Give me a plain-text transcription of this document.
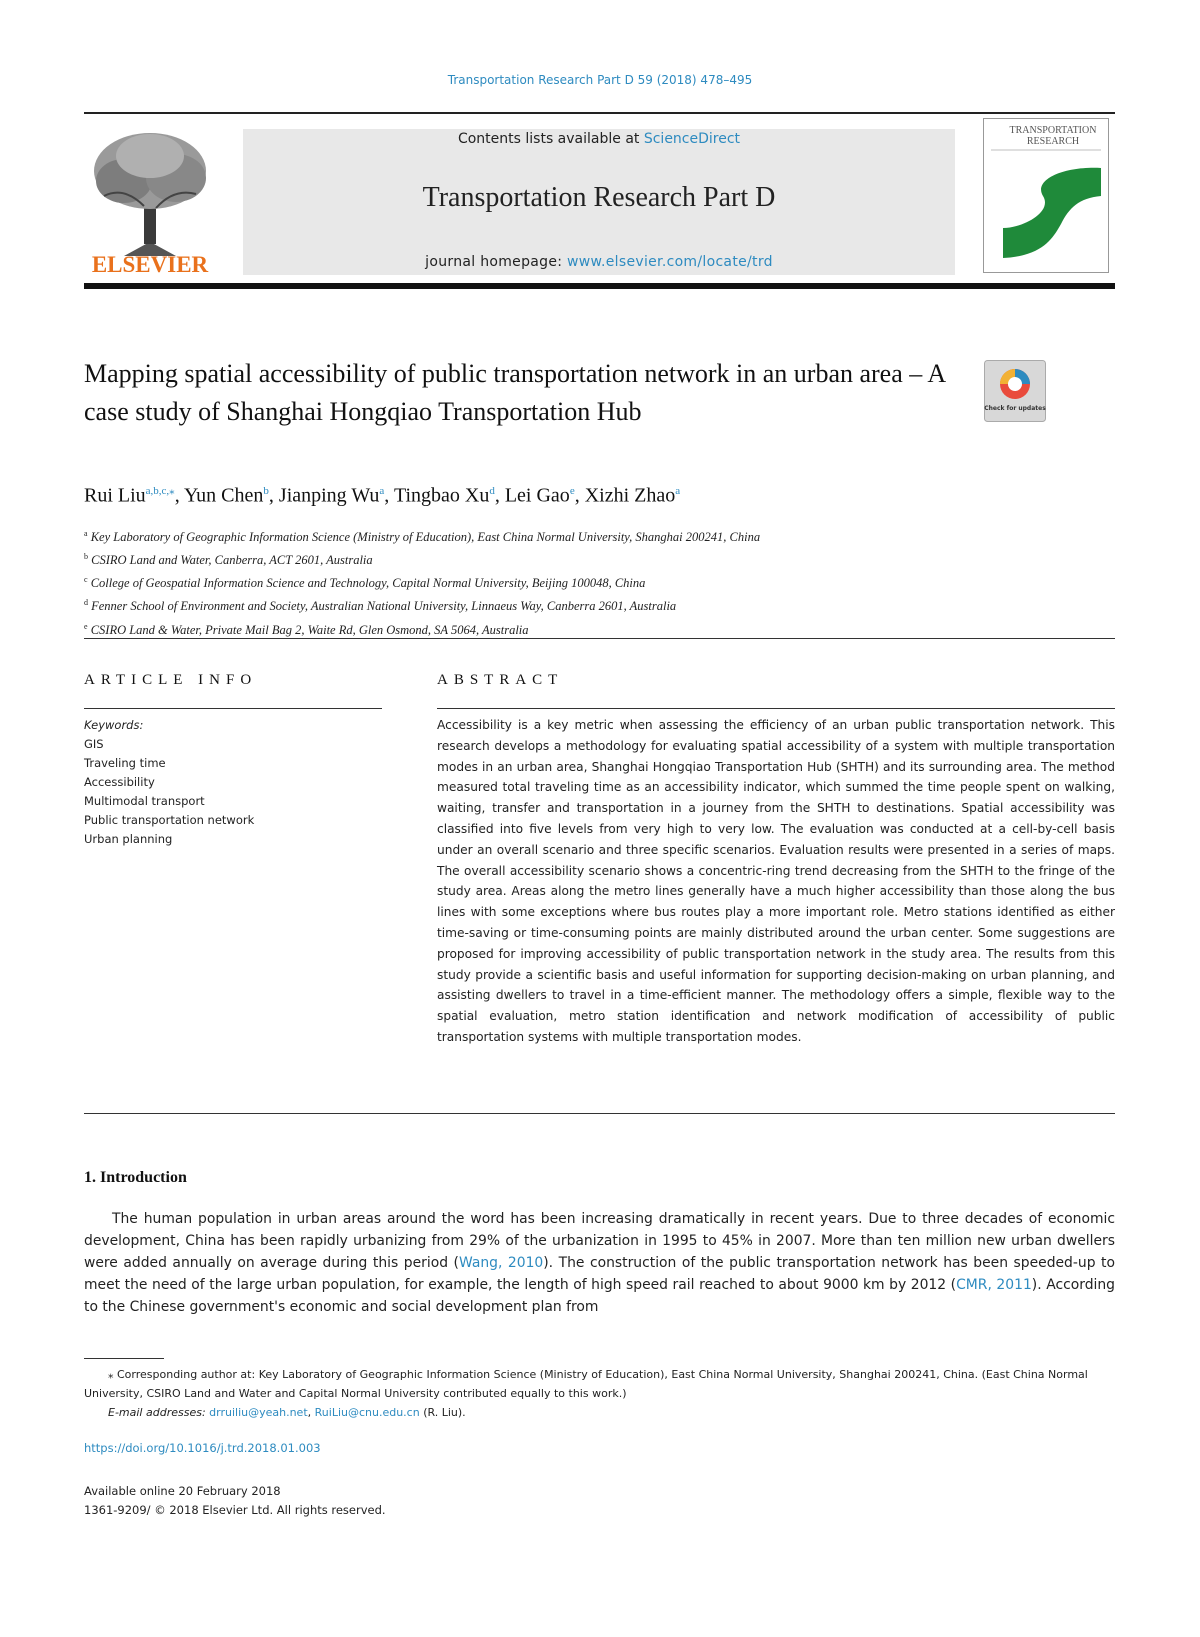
Transportation Research Part D 59 (2018) 478–495
ELSEVIER
Contents lists available at ScienceDirect
Transportation Research Part D
journal homepage: www.elsevier.com/locate/trd
TRANSPORTATION
RESEARCH
Mapping spatial accessibility of public transportation network in an urban area – A case study of Shanghai Hongqiao Transportation Hub	Check for updates
Rui Liu$^{a,b,c,⁎}$, Yun Chen$^b$, Jianping Wu$^a$, Tingbao Xu$^d$, Lei Gao$^e$, Xizhi Zhao$^a$
$^a$ Key Laboratory of Geographic Information Science (Ministry of Education), East China Normal University, Shanghai 200241, China
$^b$ CSIRO Land and Water, Canberra, ACT 2601, Australia
$^c$ College of Geospatial Information Science and Technology, Capital Normal University, Beijing 100048, China
$^d$ Fenner School of Environment and Society, Australian National University, Linnaeus Way, Canberra 2601, Australia
$^e$ CSIRO Land & Water, Private Mail Bag 2, Waite Rd, Glen Osmond, SA 5064, Australia
ARTICLE INFO
Keywords:
GIS
Traveling time
Accessibility
Multimodal transport
Public transportation network
Urban planning
ABSTRACT
Accessibility is a key metric when assessing the efficiency of an urban public transportation network. This research develops a methodology for evaluating spatial accessibility of a system with multiple transportation modes in an urban area, Shanghai Hongqiao Transportation Hub (SHTH) and its surrounding area. The method measured total traveling time as an accessibility indicator, which summed the time people spent on walking, waiting, transfer and transportation in a journey from the SHTH to destinations. Spatial accessibility was classified into five levels from very high to very low. The evaluation was conducted at a cell-by-cell basis under an overall scenario and three specific scenarios. Evaluation results were presented in a series of maps. The overall accessibility scenario shows a concentric-ring trend decreasing from the SHTH to the fringe of the study area. Areas along the metro lines generally have a much higher accessibility than those along the bus lines with some exceptions where bus routes play a more important role. Metro stations identified as either time-saving or time-consuming points are mainly distributed around the urban center. Some suggestions are proposed for improving accessibility of public transportation network in the study area. The results from this study provide a scientific basis and useful information for supporting decision-making on urban planning, and assisting dwellers to travel in a time-efficient manner. The methodology offers a simple, flexible way to the spatial evaluation, metro station identification and network modification of accessibility of public transportation systems with multiple transportation modes.
1. Introduction
The human population in urban areas around the word has been increasing dramatically in recent years. Due to three decades of economic development, China has been rapidly urbanizing from 29% of the urbanization in 1995 to 45% in 2007. More than ten million new urban dwellers were added annually on average during this period (Wang, 2010). The construction of the public transportation network has been speeded-up to meet the need of the large urban population, for example, the length of high speed rail reached to about 9000 km by 2012 (CMR, 2011). According to the Chinese government's economic and social development plan from
⁎ Corresponding author at: Key Laboratory of Geographic Information Science (Ministry of Education), East China Normal University, Shanghai 200241, China. (East China Normal University, CSIRO Land and Water and Capital Normal University contributed equally to this work.)
E-mail addresses: drruiliu@yeah.net, RuiLiu@cnu.edu.cn (R. Liu).
https://doi.org/10.1016/j.trd.2018.01.003
Available online 20 February 2018
1361-9209/ © 2018 Elsevier Ltd. All rights reserved.
